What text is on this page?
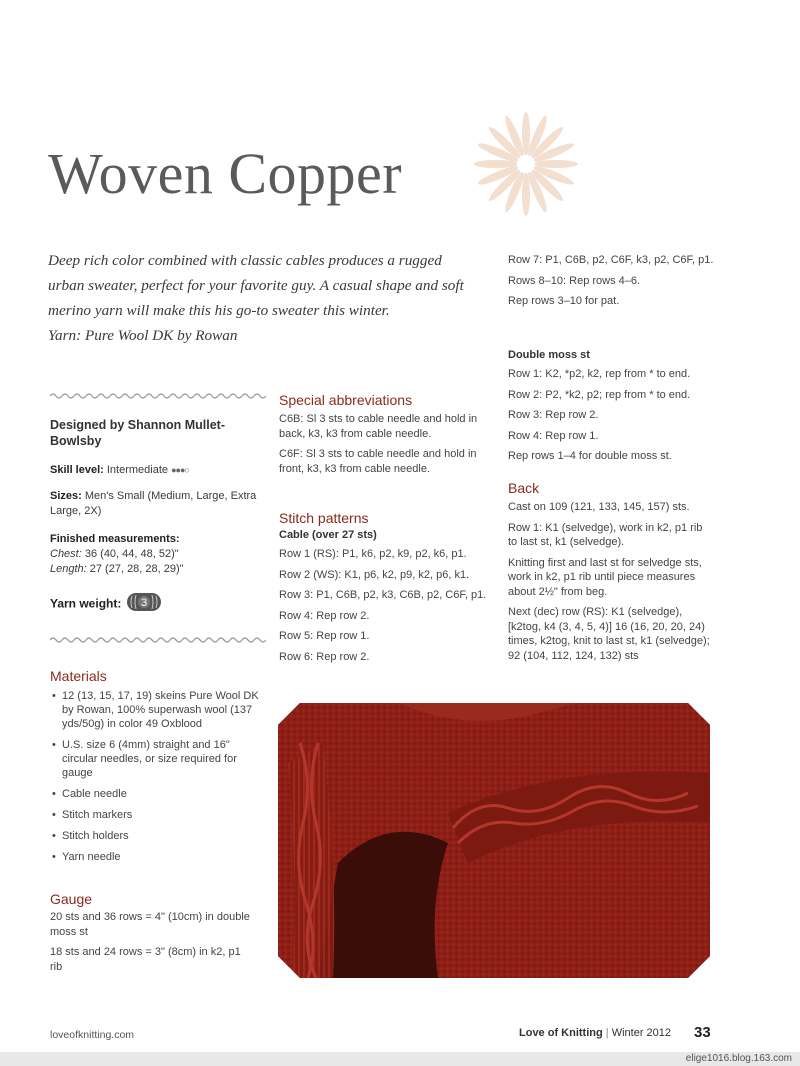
Woven Copper
Deep rich color combined with classic cables produces a rugged urban sweater, perfect for your favorite guy. A casual shape and soft merino yarn will make this his go-to sweater this winter.
Yarn: Pure Wool DK by Rowan
Designed by Shannon Mullet-Bowlsby
Skill level: Intermediate ●●●○
Sizes: Men's Small (Medium, Large, Extra Large, 2X)
Finished measurements:
Chest: 36 (40, 44, 48, 52)"
Length: 27 (27, 28, 28, 29)"
Yarn weight: 3
Materials
• 12 (13, 15, 17, 19) skeins Pure Wool DK by Rowan, 100% superwash wool (137 yds/50g) in color 49 Oxblood
• U.S. size 6 (4mm) straight and 16" circular needles, or size required for gauge
• Cable needle
• Stitch markers
• Stitch holders
• Yarn needle
Gauge

20 sts and 36 rows = 4" (10cm) in double moss st

18 sts and 24 rows = 3" (8cm) in k2, p1 rib

Special abbreviations

C6B: Sl 3 sts to cable needle and hold in back, k3, k3 from cable needle.

C6F: Sl 3 sts to cable needle and hold in front, k3, k3 from cable needle.

Stitch patterns
Cable (over 27 sts)

Row 1 (RS): P1, k6, p2, k9, p2, k6, p1.

Row 2 (WS): K1, p6, k2, p9, k2, p6, k1.

Row 3: P1, C6B, p2, k3, C6B, p2, C6F, p1.

Row 4: Rep row 2.

Row 5: Rep row 1.

Row 6: Rep row 2.

Row 7: P1, C6B, p2, C6F, k3, p2, C6F, p1.

Rows 8–10: Rep rows 4–6.

Rep rows 3–10 for pat.

Double moss st

Row 1: K2, *p2, k2, rep from * to end.

Row 2: P2, *k2, p2; rep from * to end.

Row 3: Rep row 2.

Row 4: Rep row 1.

Rep rows 1–4 for double moss st.

Back

Cast on 109 (121, 133, 145, 157) sts.

Row 1: K1 (selvedge), work in k2, p1 rib to last st, k1 (selvedge).

Knitting first and last st for selvedge sts, work in k2, p1 rib until piece measures about 2½" from beg.

Next (dec) row (RS): K1 (selvedge), [k2tog, k4 (3, 4, 5, 4)] 16 (16, 20, 20, 24) times, k2tog, knit to last st, k1 (selvedge); 92 (104, 112, 124, 132) sts

loveofknitting.com	Love of Knitting | Winter 2012 33
elige1016.blog.163.com
